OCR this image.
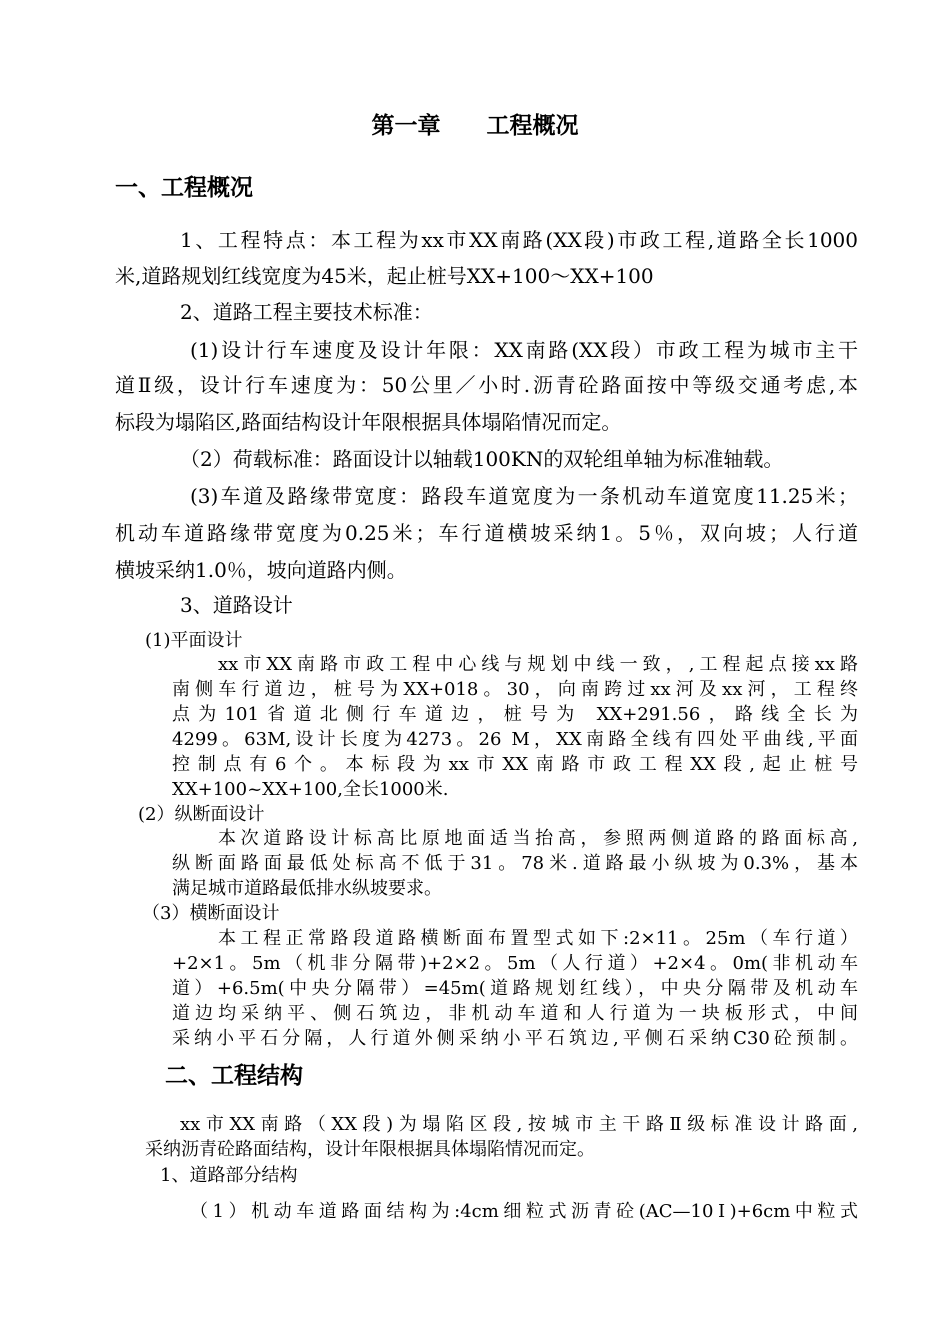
第一章　　工程概况
一、工程概况

1、工程特点：本工程为xx市XX南路(XX段)市政工程,道路全长1000

米,道路规划红线宽度为45米，起止桩号XX+100～XX+100

2、道路工程主要技术标准：

(1)设计行车速度及设计年限：XX南路(XX段）市政工程为城市主干

道Ⅱ级，设计行车速度为：50公里／小时.沥青砼路面按中等级交通考虑,本

标段为塌陷区,路面结构设计年限根据具体塌陷情况而定。

（2）荷载标准：路面设计以轴载100KN的双轮组单轴为标准轴载。

(3)车道及路缘带宽度：路段车道宽度为一条机动车道宽度11.25米；

机动车道路缘带宽度为0.25米；车行道横坡采纳1。5％，双向坡；人行道

横坡采纳1.0％，坡向道路内侧。

3、道路设计

(1)平面设计

xx市XX南路市政工程中心线与规划中线一致，,工程起点接xx路

南侧车行道边，桩号为XX+018。30，向南跨过xx河及xx河，工程终

点为101省道北侧行车道边，桩号为 XX+291.56，路线全长为

4299。63M,设计长度为4273。26 M，XX南路全线有四处平曲线,平面

控制点有6个。本标段为xx市XX南路市政工程XX段,起止桩号

XX+100~XX+100,全长1000米.

(2）纵断面设计

本次道路设计标高比原地面适当抬高，参照两侧道路的路面标高,

纵断面路面最低处标高不低于31。78米.道路最小纵坡为0.3%，基本

满足城市道路最低排水纵坡要求。

（3）横断面设计

本工程正常路段道路横断面布置型式如下:2×11。25m（车行道）

+2×1。5m（机非分隔带)+2×2。5m（人行道）+2×4。0m(非机动车

道）+6.5m(中央分隔带）=45m(道路规划红线），中央分隔带及机动车

道边均采纳平、侧石筑边，非机动车道和人行道为一块板形式，中间

采纳小平石分隔，人行道外侧采纳小平石筑边,平侧石采纳C30砼预制。

二、工程结构

xx市XX南路（XX段)为塌陷区段,按城市主干路Ⅱ级标准设计路面,

采纳沥青砼路面结构，设计年限根据具体塌陷情况而定。

1、道路部分结构

（1）机动车道路面结构为:4cm细粒式沥青砼(AC—10Ⅰ)+6cm中粒式
